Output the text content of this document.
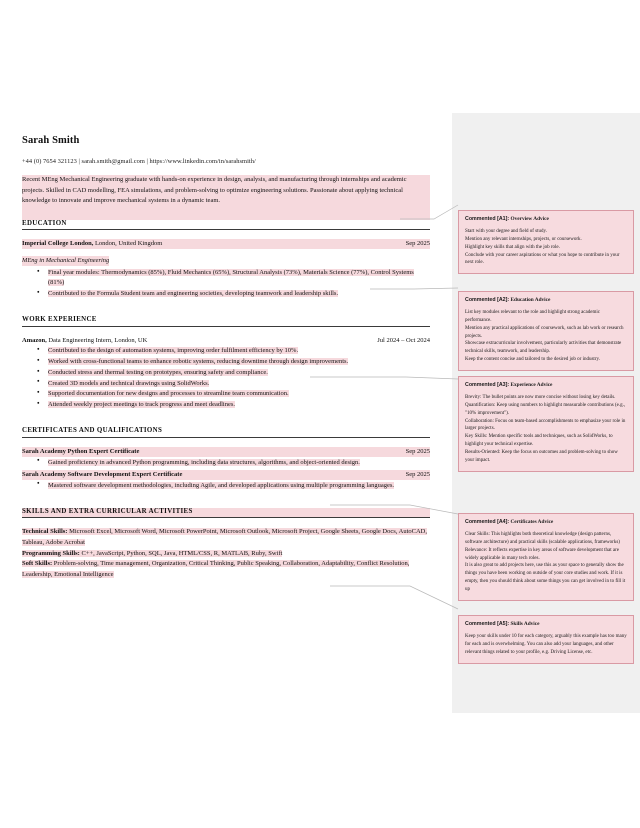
Sarah Smith
+44 (0) 7654 321123 | sarah.smith@gmail.com | https://www.linkedin.com/in/sarahsmith/
Recent MEng Mechanical Engineering graduate with hands-on experience in design, analysis, and manufacturing through internships and academic projects. Skilled in CAD modelling, FEA simulations, and problem-solving to optimize engineering solutions. Passionate about applying technical knowledge to innovate and improve mechanical systems in a dynamic team.
EDUCATION
Imperial College London, London, United Kingdom	Sep 2025
MEng in Mechanical Engineering
● Final year modules: Thermodynamics (85%), Fluid Mechanics (65%), Structural Analysis (73%), Materials Science (77%), Control Systems (81%)
● Contributed to the Formula Student team and engineering societies, developing teamwork and leadership skills.
WORK EXPERIENCE
Amazon, Data Engineering Intern, London, UK	Jul 2024 – Oct 2024
● Contributed to the design of automation systems, improving order fulfilment efficiency by 10%.
● Worked with cross-functional teams to enhance robotic systems, reducing downtime through design improvements.
● Conducted stress and thermal testing on prototypes, ensuring safety and compliance.
● Created 3D models and technical drawings using SolidWorks.
● Supported documentation for new designs and processes to streamline team communication.
● Attended weekly project meetings to track progress and meet deadlines.
CERTIFICATES AND QUALIFICATIONS
Sarah Academy Python Expert Certificate	Sep 2025
● Gained proficiency in advanced Python programming, including data structures, algorithms, and object-oriented design.
Sarah Academy Software Development Expert Certificate	Sep 2025
● Mastered software development methodologies, including Agile, and developed applications using multiple programming languages.
SKILLS AND EXTRA CURRICULAR ACTIVITIES
Technical Skills: Microsoft Excel, Microsoft Word, Microsoft PowerPoint, Microsoft Outlook, Microsoft Project, Google Sheets, Google Docs, AutoCAD, Tableau, Adobe Acrobat
Programming Skills: C++, JavaScript, Python, SQL, Java, HTML/CSS, R, MATLAB, Ruby, Swift
Soft Skills: Problem-solving, Time management, Organization, Critical Thinking, Public Speaking, Collaboration, Adaptability, Conflict Resolution, Leadership, Emotional Intelligence
Commented [A1]: Overview Advice

Start with your degree and field of study.

Mention any relevant internships, projects, or coursework.

Highlight key skills that align with the job role.

Conclude with your career aspirations or what you hope to contribute in your next role.

Commented [A2]: Education Advice

List key modules relevant to the role and highlight strong academic performance.

Mention any practical applications of coursework, such as lab work or research projects.

Showcase extracurricular involvement, particularly activities that demonstrate technical skills, teamwork, and leadership.

Keep the content concise and tailored to the desired job or industry.

Commented [A3]: Experience Advice

Brevity: The bullet points are now more concise without losing key details.

Quantification: Keep using numbers to highlight measurable contributions (e.g., "10% improvement").

Collaboration: Focus on team-based accomplishments to emphasize your role in larger projects.

Key Skills: Mention specific tools and techniques, such as SolidWorks, to highlight your technical expertise.

Results-Oriented: Keep the focus on outcomes and problem-solving to show your impact.

Commented [A4]: Certificates Advice

Clear Skills: This highlights both theoretical knowledge (design patterns, software architecture) and practical skills (scalable applications, frameworks)

Relevance: It reflects expertise in key areas of software development that are widely applicable in many tech roles.

It is also great to add projects here, use this as your space to generally show the things you have been working on outside of your core studies and work. If it is empty, then you should think about some things you can get involved in to fill it up

Commented [A5]: Skills Advice

Keep your skills under 10 for each category, arguably this example has too many for each and is overwhelming. You can also add your languages, and other relevant things related to your profile, e.g. Driving License, etc.
